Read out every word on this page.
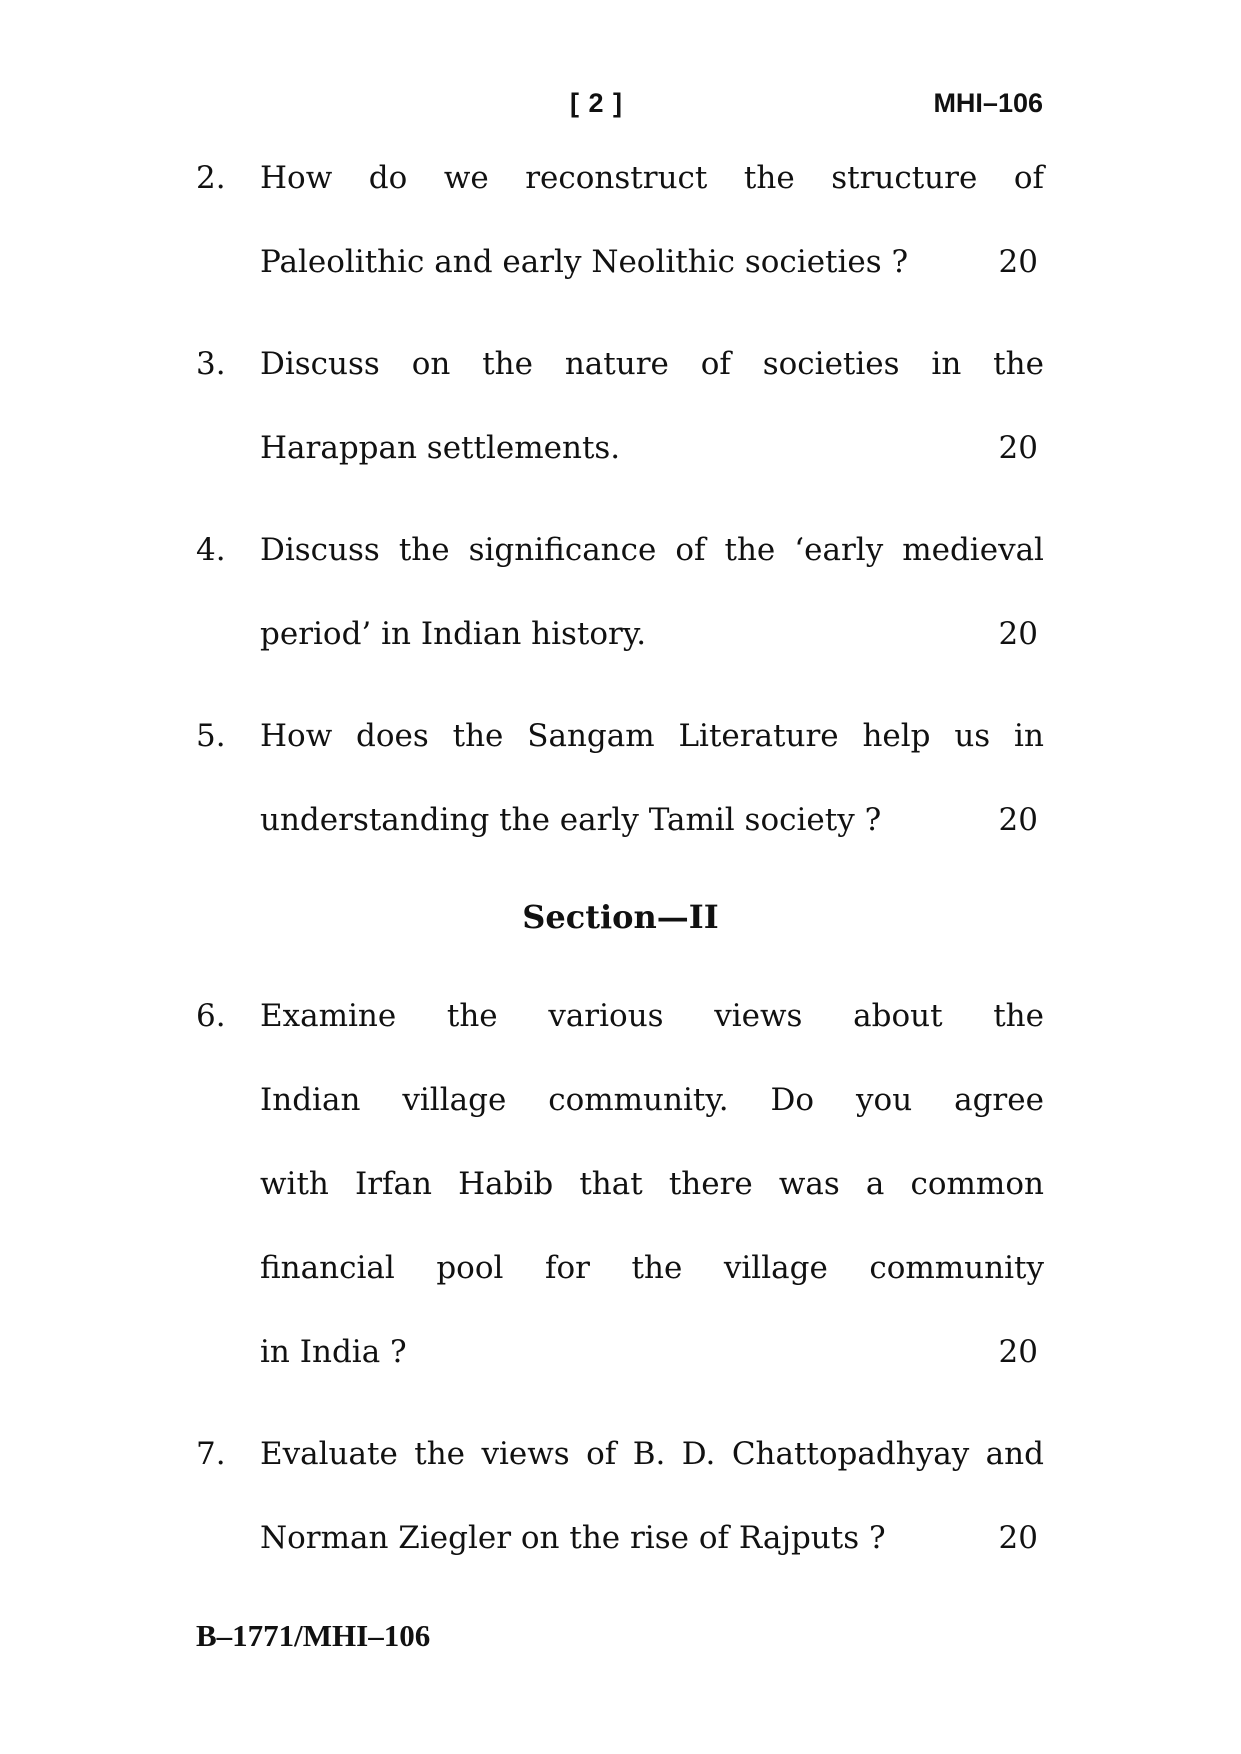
[ 2 ]	MHI–106
2. How do we reconstruct the structure of
Paleolithic and early Neolithic societies ?	20
3. Discuss on the nature of societies in the
Harappan settlements.	20
4. Discuss the significance of the ‘early medieval
period’ in Indian history.	20
5. How does the Sangam Literature help us in
understanding the early Tamil society ?	20
Section—II
6. Examine the various views about the
Indian village community. Do you agree
with Irfan Habib that there was a common
financial pool for the village community
in India ?	20
7. Evaluate the views of B. D. Chattopadhyay and
Norman Ziegler on the rise of Rajputs ?	20
B–1771/MHI–106
